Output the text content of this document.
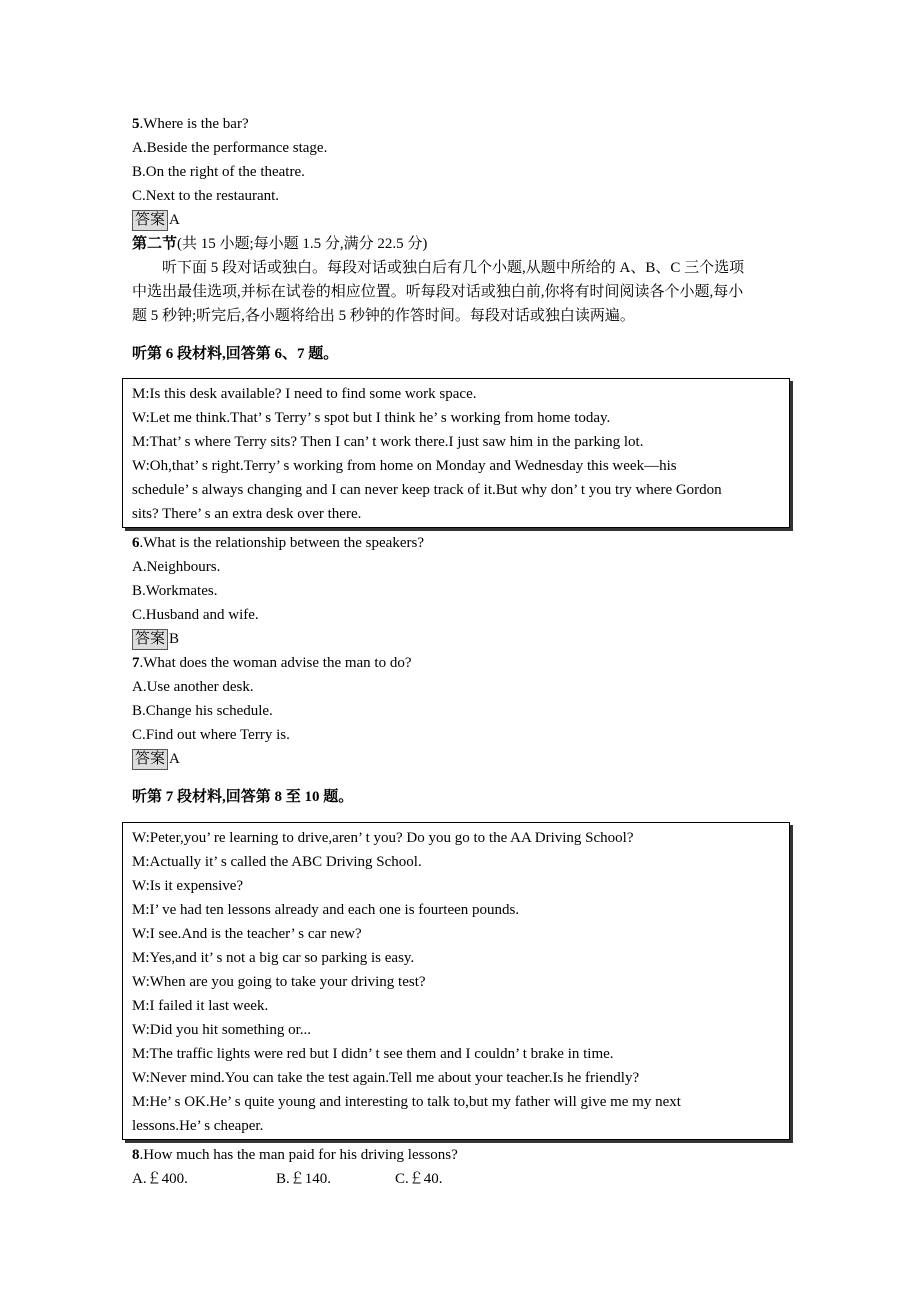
5.Where is the bar?
A.Beside the performance stage.
B.On the right of the theatre.
C.Next to the restaurant.
答案 A
第二节(共 15 小题;每小题 1.5 分,满分 22.5 分)
听下面 5 段对话或独白。每段对话或独白后有几个小题,从题中所给的 A、B、C 三个选项
中选出最佳选项,并标在试卷的相应位置。听每段对话或独白前,你将有时间阅读各个小题,每小
题 5 秒钟;听完后,各小题将给出 5 秒钟的作答时间。每段对话或独白读两遍。
听第 6 段材料,回答第 6、7 题。
M:Is this desk available? I need to find some work space.
W:Let me think.That’ s Terry’ s spot but I think he’ s working from home today.
M:That’ s where Terry sits? Then I can’ t work there.I just saw him in the parking lot.
W:Oh,that’ s right.Terry’ s working from home on Monday and Wednesday this week—his
schedule’ s always changing and I can never keep track of it.But why don’ t you try where Gordon
sits? There’ s an extra desk over there.
6.What is the relationship between the speakers?
A.Neighbours.
B.Workmates.
C.Husband and wife.
答案 B
7.What does the woman advise the man to do?
A.Use another desk.
B.Change his schedule.
C.Find out where Terry is.
答案 A
听第 7 段材料,回答第 8 至 10 题。
W:Peter,you’ re learning to drive,aren’ t you? Do you go to the AA Driving School?
M:Actually it’ s called the ABC Driving School.
W:Is it expensive?
M:I’ ve had ten lessons already and each one is fourteen pounds.
W:I see.And is the teacher’ s car new?
M:Yes,and it’ s not a big car so parking is easy.
W:When are you going to take your driving test?
M:I failed it last week.
W:Did you hit something or...
M:The traffic lights were red but I didn’ t see them and I couldn’ t brake in time.
W:Never mind.You can take the test again.Tell me about your teacher.Is he friendly?
M:He’ s OK.He’ s quite young and interesting to talk to,but my father will give me my next
lessons.He’ s cheaper.
8.How much has the man paid for his driving lessons?
A.￡400.	B.￡140.	C.￡40.
